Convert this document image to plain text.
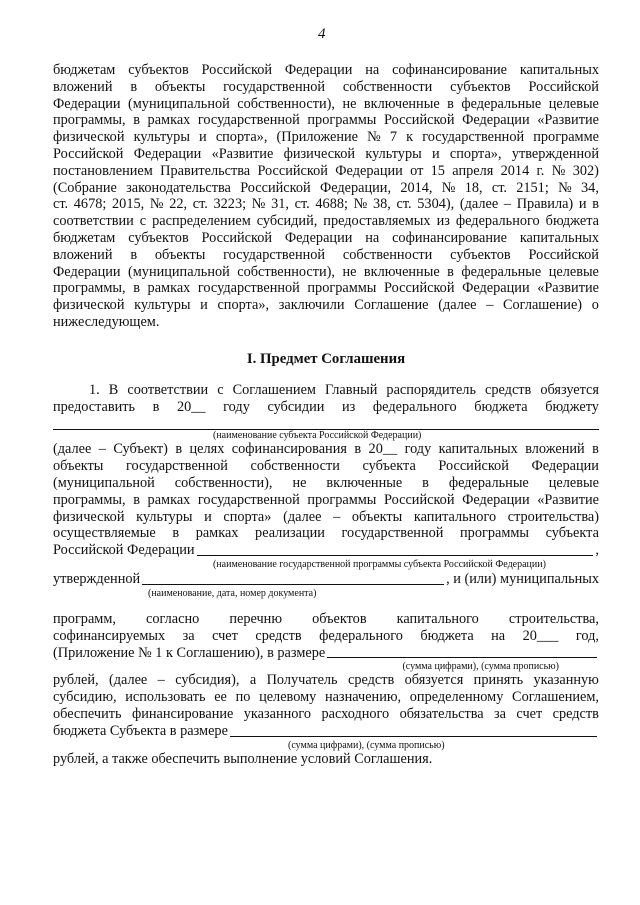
4
бюджетам субъектов Российской Федерации на софинансирование капитальных
вложений в объекты государственной собственности субъектов Российской
Федерации (муниципальной собственности), не включенные в федеральные целевые
программы, в рамках государственной программы Российской Федерации «Развитие
физической культуры и спорта», (Приложение № 7 к государственной программе
Российской Федерации «Развитие физической культуры и спорта», утвержденной
постановлением Правительства Российской Федерации от 15 апреля 2014 г. № 302)
(Собрание законодательства Российской Федерации, 2014, № 18, ст. 2151; № 34,
ст. 4678; 2015, № 22, ст. 3223; № 31, ст. 4688; № 38, ст. 5304), (далее – Правила) и в
соответствии с распределением субсидий, предоставляемых из федерального бюджета
бюджетам субъектов Российской Федерации на софинансирование капитальных
вложений в объекты государственной собственности субъектов Российской
Федерации (муниципальной собственности), не включенные в федеральные целевые
программы, в рамках государственной программы Российской Федерации «Развитие
физической культуры и спорта», заключили Соглашение (далее – Соглашение) о
нижеследующем.
I. Предмет Соглашения
1. В соответствии с Соглашением Главный распорядитель средств обязуется
предоставить в 20__ году субсидии из федерального бюджета бюджету
(наименование субъекта Российской Федерации)
(далее – Субъект) в целях софинансирования в 20__ году капитальных вложений в
объекты государственной собственности субъекта Российской Федерации
(муниципальной собственности), не включенные в федеральные целевые
программы, в рамках государственной программы Российской Федерации «Развитие
физической культуры и спорта» (далее – объекты капитального строительства)
осуществляемые в рамках реализации государственной программы субъекта
Российской Федерации	,
(наименование государственной программы субъекта Российской Федерации)
утвержденной	, и (или) муниципальных
(наименование, дата, номер документа)
программ, согласно перечню объектов капитального строительства,
софинансируемых за счет средств федерального бюджета на 20___ год,
(Приложение № 1 к Соглашению), в размере
(сумма цифрами), (сумма прописью)
рублей, (далее – субсидия), а Получатель средств обязуется принять указанную
субсидию, использовать ее по целевому назначению, определенному Соглашением,
обеспечить финансирование указанного расходного обязательства за счет средств
бюджета Субъекта в размере
(сумма цифрами), (сумма прописью)
рублей, а также обеспечить выполнение условий Соглашения.
